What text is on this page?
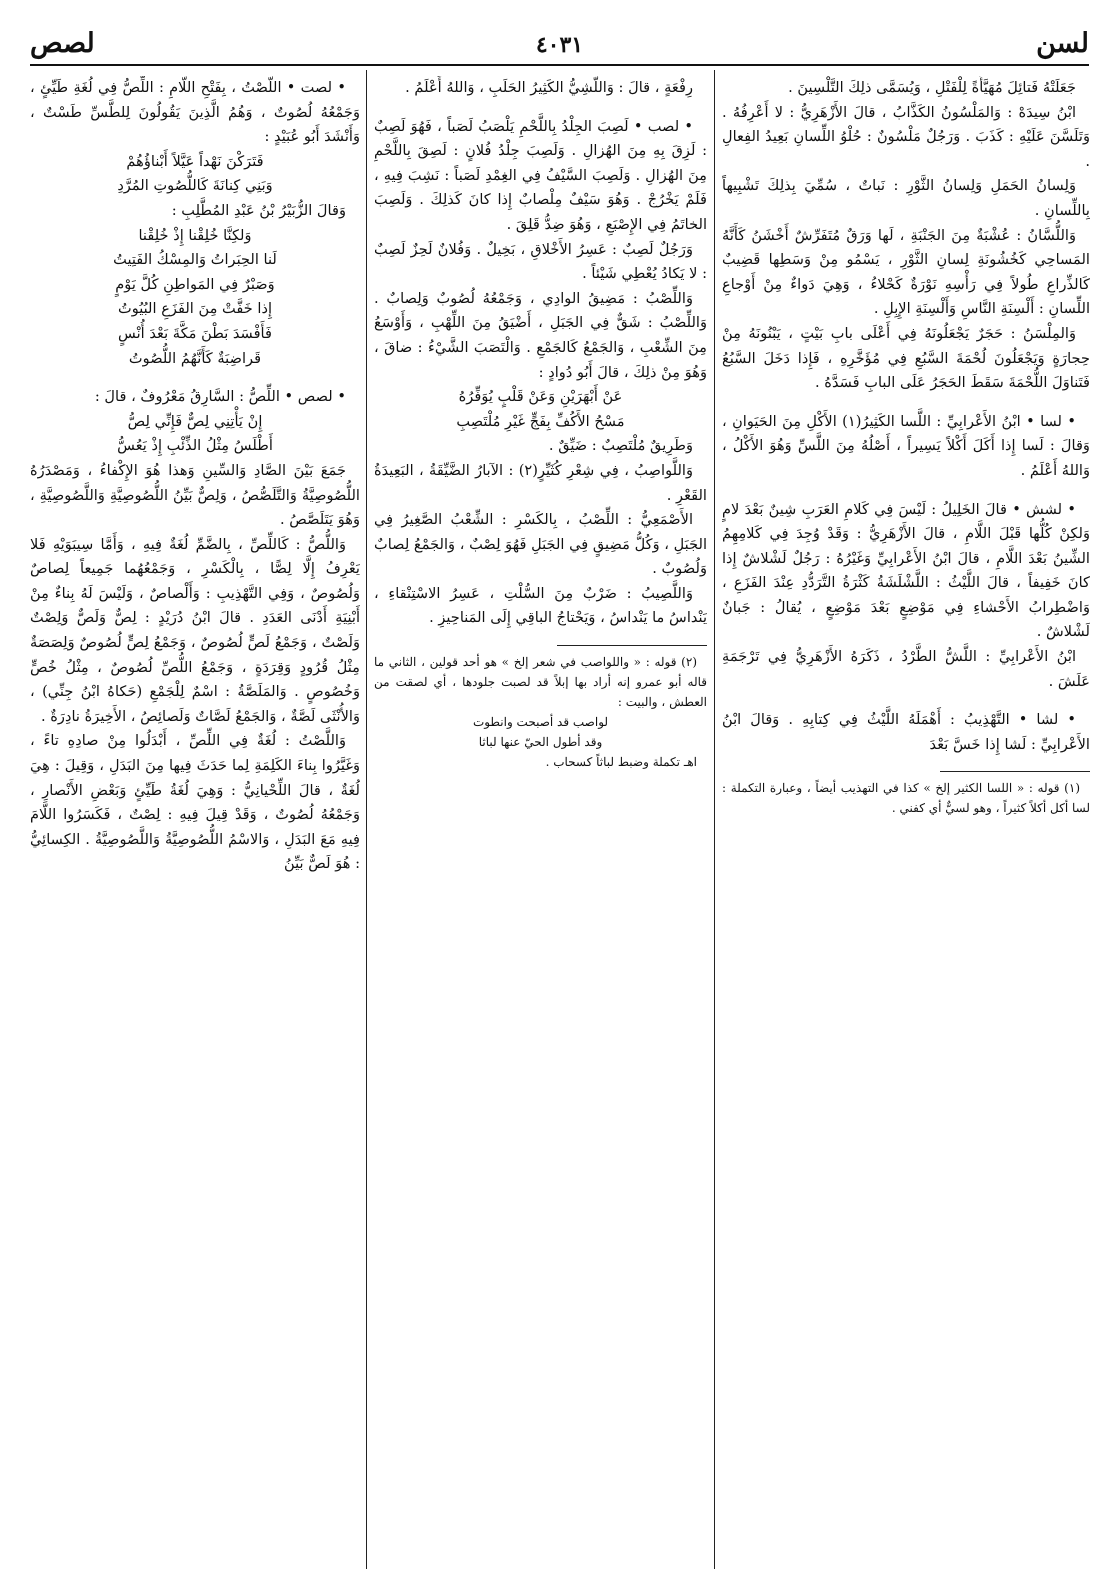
لسن
٤٠٣١
لصص

جَعَلَتْهُ فَتائِلَ مُهَيَّأَةً لِلْفَتْلِ ، وَيُسَمَّى ذلِكَ التَّلْسِينَ .

ابْنُ سِيدَهْ : وَالمَلْسُونُ الكَذَّابُ ، قالَ الأَزْهَرِيُّ : لا أَعْرِفُهُ . وَتَلَسَّنَ عَلَيْهِ : كَذَبَ . وَرَجُلٌ مَلْسُونٌ : حُلْوُ اللِّسانِ بَعِيدُ الفِعالِ .

وَلِسانُ الحَمَلِ وَلِسانُ الثَّوْرِ : نَباتٌ ، سُمِّيَ بِذلِكَ تَشْبِيهاً بِاللِّسانِ .

وَاللُّسَّانُ : عُشْبَةٌ مِنَ الجَنْبَةِ ، لَها وَرَقٌ مُتَفَرِّشٌ أَخْشَنُ كَأَنَّهُ المَساحِي كَخُشُونَةِ لِسانِ الثَّوْرِ ، يَسْمُو مِنْ وَسَطِها قَضِيبٌ كَالذِّراعِ طُولاً فِي رَأْسِهِ نَوْرَةٌ كَحْلاءُ ، وَهِيَ دَواءٌ مِنْ أَوْجاعِ اللِّسانِ : أَلْسِنَةِ النَّاسِ وَأَلْسِنَةِ الإِبِلِ .

وَالمِلْسَنُ : حَجَرٌ يَجْعَلُونَهُ فِي أَعْلَى بابِ بَيْتٍ ، يَبْنُونَهُ مِنْ حِجارَةٍ وَيَجْعَلُونَ لُحْمَةَ السَّبُعِ فِي مُؤَخَّرِهِ ، فَإِذا دَخَلَ السَّبُعُ فَتَناوَلَ اللُّحْمَةَ سَقَطَ الحَجَرُ عَلَى البابِ فَسَدَّهُ .

• لسا • ابْنُ الأَعْرابِيِّ : اللَّسا الكَثِيرُ(١) الأَكْلِ مِنَ الحَيَوانِ ، وَقالَ : لَسا إِذا أَكَلَ أَكْلاً يَسِيراً ، أَصْلُهُ مِنَ اللَّسِّ وَهُوَ الأَكْلُ ، وَاللهُ أَعْلَمُ .

• لشش • قالَ الخَلِيلُ : لَيْسَ فِي كَلامِ العَرَبِ شِينٌ بَعْدَ لامٍ وَلكِنْ كُلُّها قَبْلَ اللَّامِ ، قالَ الأَزْهَرِيُّ : وَقَدْ وُجِدَ فِي كَلامِهِمُ الشِّينُ بَعْدَ اللَّامِ ، قالَ ابْنُ الأَعْرابِيِّ وَغَيْرُهُ : رَجُلٌ لَشْلاشٌ إِذا كانَ خَفِيفاً ، قالَ اللَّيْثُ : اللَّشْلَشَةُ كَثْرَةُ التَّرَدُّدِ عِنْدَ الفَزَعِ ، وَاضْطِرابُ الأَحْشاءِ فِي مَوْضِعٍ بَعْدَ مَوْضِعٍ ، يُقالُ : جَبانٌ لَشْلاشٌ .

ابْنُ الأَعْرابِيِّ : اللَّشُّ الطَّرْدُ ، ذَكَرَهُ الأَزْهَرِيُّ فِي تَرْجَمَةِ عَلَشَ .

• لشا • التَّهْذِيبُ : أَهْمَلَهُ اللَّيْثُ فِي كِتابِهِ . وَقالَ ابْنُ الأَعْرابِيِّ : لَشا إِذا خَسَّ بَعْدَ

(١) قوله : « اللسا الكثير إلخ » كذا في التهذيب أيضاً ، وعبارة التكملة : لسا أكل أكلاً كثيراً ، وهو لسيٌّ أي كفني .

رِفْعَةٍ ، قالَ : وَاللَّشِيُّ الكَثِيرُ الحَلَبِ ، وَاللهُ أَعْلَمُ .

• لصب • لَصِبَ الجِلْدُ بِاللَّحْمِ يَلْصَبُ لَصَباً ، فَهُوَ لَصِبٌ : لَزِقَ بِهِ مِنَ الهُزالِ . وَلَصِبَ جِلْدُ فُلانٍ : لَصِقَ بِاللَّحْمِ مِنَ الهُزالِ . وَلَصِبَ السَّيْفُ فِي الغِمْدِ لَصَباً : نَشِبَ فِيهِ ، فَلَمْ يَخْرُجْ . وَهُوَ سَيْفٌ مِلْصابٌ إِذا كانَ كَذلِكَ . وَلَصِبَ الخاتَمُ فِي الإِصْبَعِ ، وَهُوَ ضِدُّ قَلِقَ .

وَرَجُلٌ لَصِبٌ : عَسِرُ الأَخْلاقِ ، بَخِيلٌ . وَفُلانٌ لَحِزٌ لَصِبٌ : لا يَكادُ يُعْطِي شَيْئاً .

وَاللِّصْبُ : مَضِيقُ الوادِي ، وَجَمْعُهُ لُصُوبٌ وَلِصابٌ . وَاللِّصْبُ : شَقٌّ فِي الجَبَلِ ، أَضْيَقُ مِنَ اللِّهْبِ ، وَأَوْسَعُ مِنَ الشِّعْبِ ، وَالجَمْعُ كَالجَمْعِ . وَالْتَصَبَ الشَّيْءُ : ضاقَ ، وَهُوَ مِنْ ذلِكَ ، قالَ أَبُو دُوادٍ :

عَنْ أَبْهَرَيْنِ وَعَنْ قَلْبٍ يُوَفِّرُهُ

مَسْحُ الأَكُفِّ بِفَجٍّ غَيْرِ مُلْتَصِبِ

وَطَرِيقٌ مُلْتَصِبٌ : ضَيِّقٌ .

وَاللَّواصِبُ ، فِي شِعْرِ كُثَيِّرٍ(٢) : الآبارُ الضَّيِّقَةُ ، البَعِيدَةُ القَعْرِ .

الأَصْمَعِيُّ : اللِّصْبُ ، بِالكَسْرِ : الشِّعْبُ الصَّغِيرُ فِي الجَبَلِ ، وَكُلُّ مَضِيقٍ فِي الجَبَلِ فَهُوَ لِصْبٌ ، وَالجَمْعُ لِصابٌ وَلُصُوبٌ .

وَاللَّصِيبُ : ضَرْبٌ مِنَ السُّلْتِ ، عَسِرُ الاسْتِنْقاءِ ، يَنْداسُ ما يَنْداسُ ، وَيَحْتاجُ الباقِي إِلَى المَناحِيزِ .

(٢) قوله : « واللواصب في شعر إلخ » هو أحد قولين ، الثاني ما قاله أبو عمرو إنه أراد بها إبلاً قد لصبت جلودها ، أي لصقت من العطش ، والبيت :

لواصب قد أصبحت وانطوت

وقد أطول الحيّ عنها لباثا

اهـ تكملة وضبط لباثاً كسحاب .

• لصت • اللَّصْتُ ، بِفَتْحِ اللَّامِ : اللِّصُّ فِي لُغَةِ طَيِّئٍ ، وَجَمْعُهُ لُصُوتٌ ، وَهُمُ الَّذِينَ يَقُولُونَ لِلطَّسِّ طَسْتٌ ، وَأَنْشَدَ أَبُو عُبَيْدٍ :

فَتَرَكْنَ نَهْداً عَيَّلاً أَبْناؤُهُمْ

وَبَنِي كِنانَةَ كَاللُّصُوتِ المُرَّدِ

وَقالَ الزُّبَيْرُ بْنُ عَبْدِ المُطَّلِبِ :

وَلكِنَّا خُلِقْنا إِذْ خُلِقْنا

لَنا الحِبَراتُ وَالمِسْكُ الفَتِيتُ

وَصَبْرٌ فِي المَواطِنِ كُلَّ يَوْمٍ

إِذا خَفَّتْ مِنَ الفَزَعِ البُيُوتُ

فَأَفْسَدَ بَطْنَ مَكَّةَ بَعْدَ أُنْسٍ

قَراضِبَةٌ كَأَنَّهُمُ اللُّصُوتُ

• لصص • اللِّصُّ : السَّارِقُ مَعْرُوفٌ ، قالَ :

إِنْ يَأْتِنِي لِصٌّ فَإِنِّي لِصُّ

أَطْلَسُ مِثْلُ الذِّئْبِ إِذْ يَعُسُّ

جَمَعَ بَيْنَ الصَّادِ وَالسِّينِ وَهذا هُوَ الإِكْفاءُ ، وَمَصْدَرُهُ اللُّصُوصِيَّةُ وَالتَّلَصُّصُ ، وَلِصٌّ بَيِّنُ اللُّصُوصِيَّةِ وَاللَّصُوصِيَّةِ ، وَهُوَ يَتَلَصَّصُ .

وَاللُّصُّ : كَاللِّصِّ ، بِالضَّمِّ لُغَةٌ فِيهِ ، وَأَمَّا سِيبَوَيْهِ فَلا يَعْرِفُ إِلَّا لِصًّا ، بِالْكَسْرِ ، وَجَمْعُهُما جَمِيعاً لِصاصٌ وَلُصُوصٌ ، وَفِي التَّهْذِيبِ : وَأَلْصاصٌ ، وَلَيْسَ لَهُ بِناءٌ مِنْ أَبْنِيَةِ أَدْنَى العَدَدِ . قالَ ابْنُ دُرَيْدٍ : لِصٌّ وَلَصٌّ وَلِصْتٌ وَلَصْتٌ ، وَجَمْعُ لَصٍّ لُصُوصٌ ، وَجَمْعُ لِصٍّ لُصُوصٌ وَلِصَصَةٌ مِثْلُ قُرُودٍ وَقِرَدَةٍ ، وَجَمْعُ اللُّصِّ لُصُوصٌ ، مِثْلُ خُصٍّ وَخُصُوصٍ . وَالمَلَصَّةُ : اسْمٌ لِلْجَمْعِ (حَكاهُ ابْنُ جِنِّي) ، وَالأُنْثَى لَصَّةٌ ، وَالجَمْعُ لَصَّاتٌ وَلَصائِصُ ، الأَخِيرَةُ نادِرَةٌ .

وَاللَّصْتُ : لُغَةٌ فِي اللِّصِّ ، أَبْدَلُوا مِنْ صادِهِ تاءً ، وَغَيَّرُوا بِناءَ الكَلِمَةِ لِما حَدَثَ فِيها مِنَ البَدَلِ ، وَقِيلَ : هِيَ لُغَةٌ ، قالَ اللِّحْيانِيُّ : وَهِيَ لُغَةُ طَيِّئٍ وَبَعْضِ الأَنْصارِ ، وَجَمْعُهُ لُصُوتٌ ، وَقَدْ قِيلَ فِيهِ : لِصْتٌ ، فَكَسَرُوا اللَّامَ فِيهِ مَعَ البَدَلِ ، وَالاسْمُ اللُّصُوصِيَّةُ وَاللَّصُوصِيَّةُ . الكِسائِيُّ : هُوَ لَصٌّ بَيِّنُ
